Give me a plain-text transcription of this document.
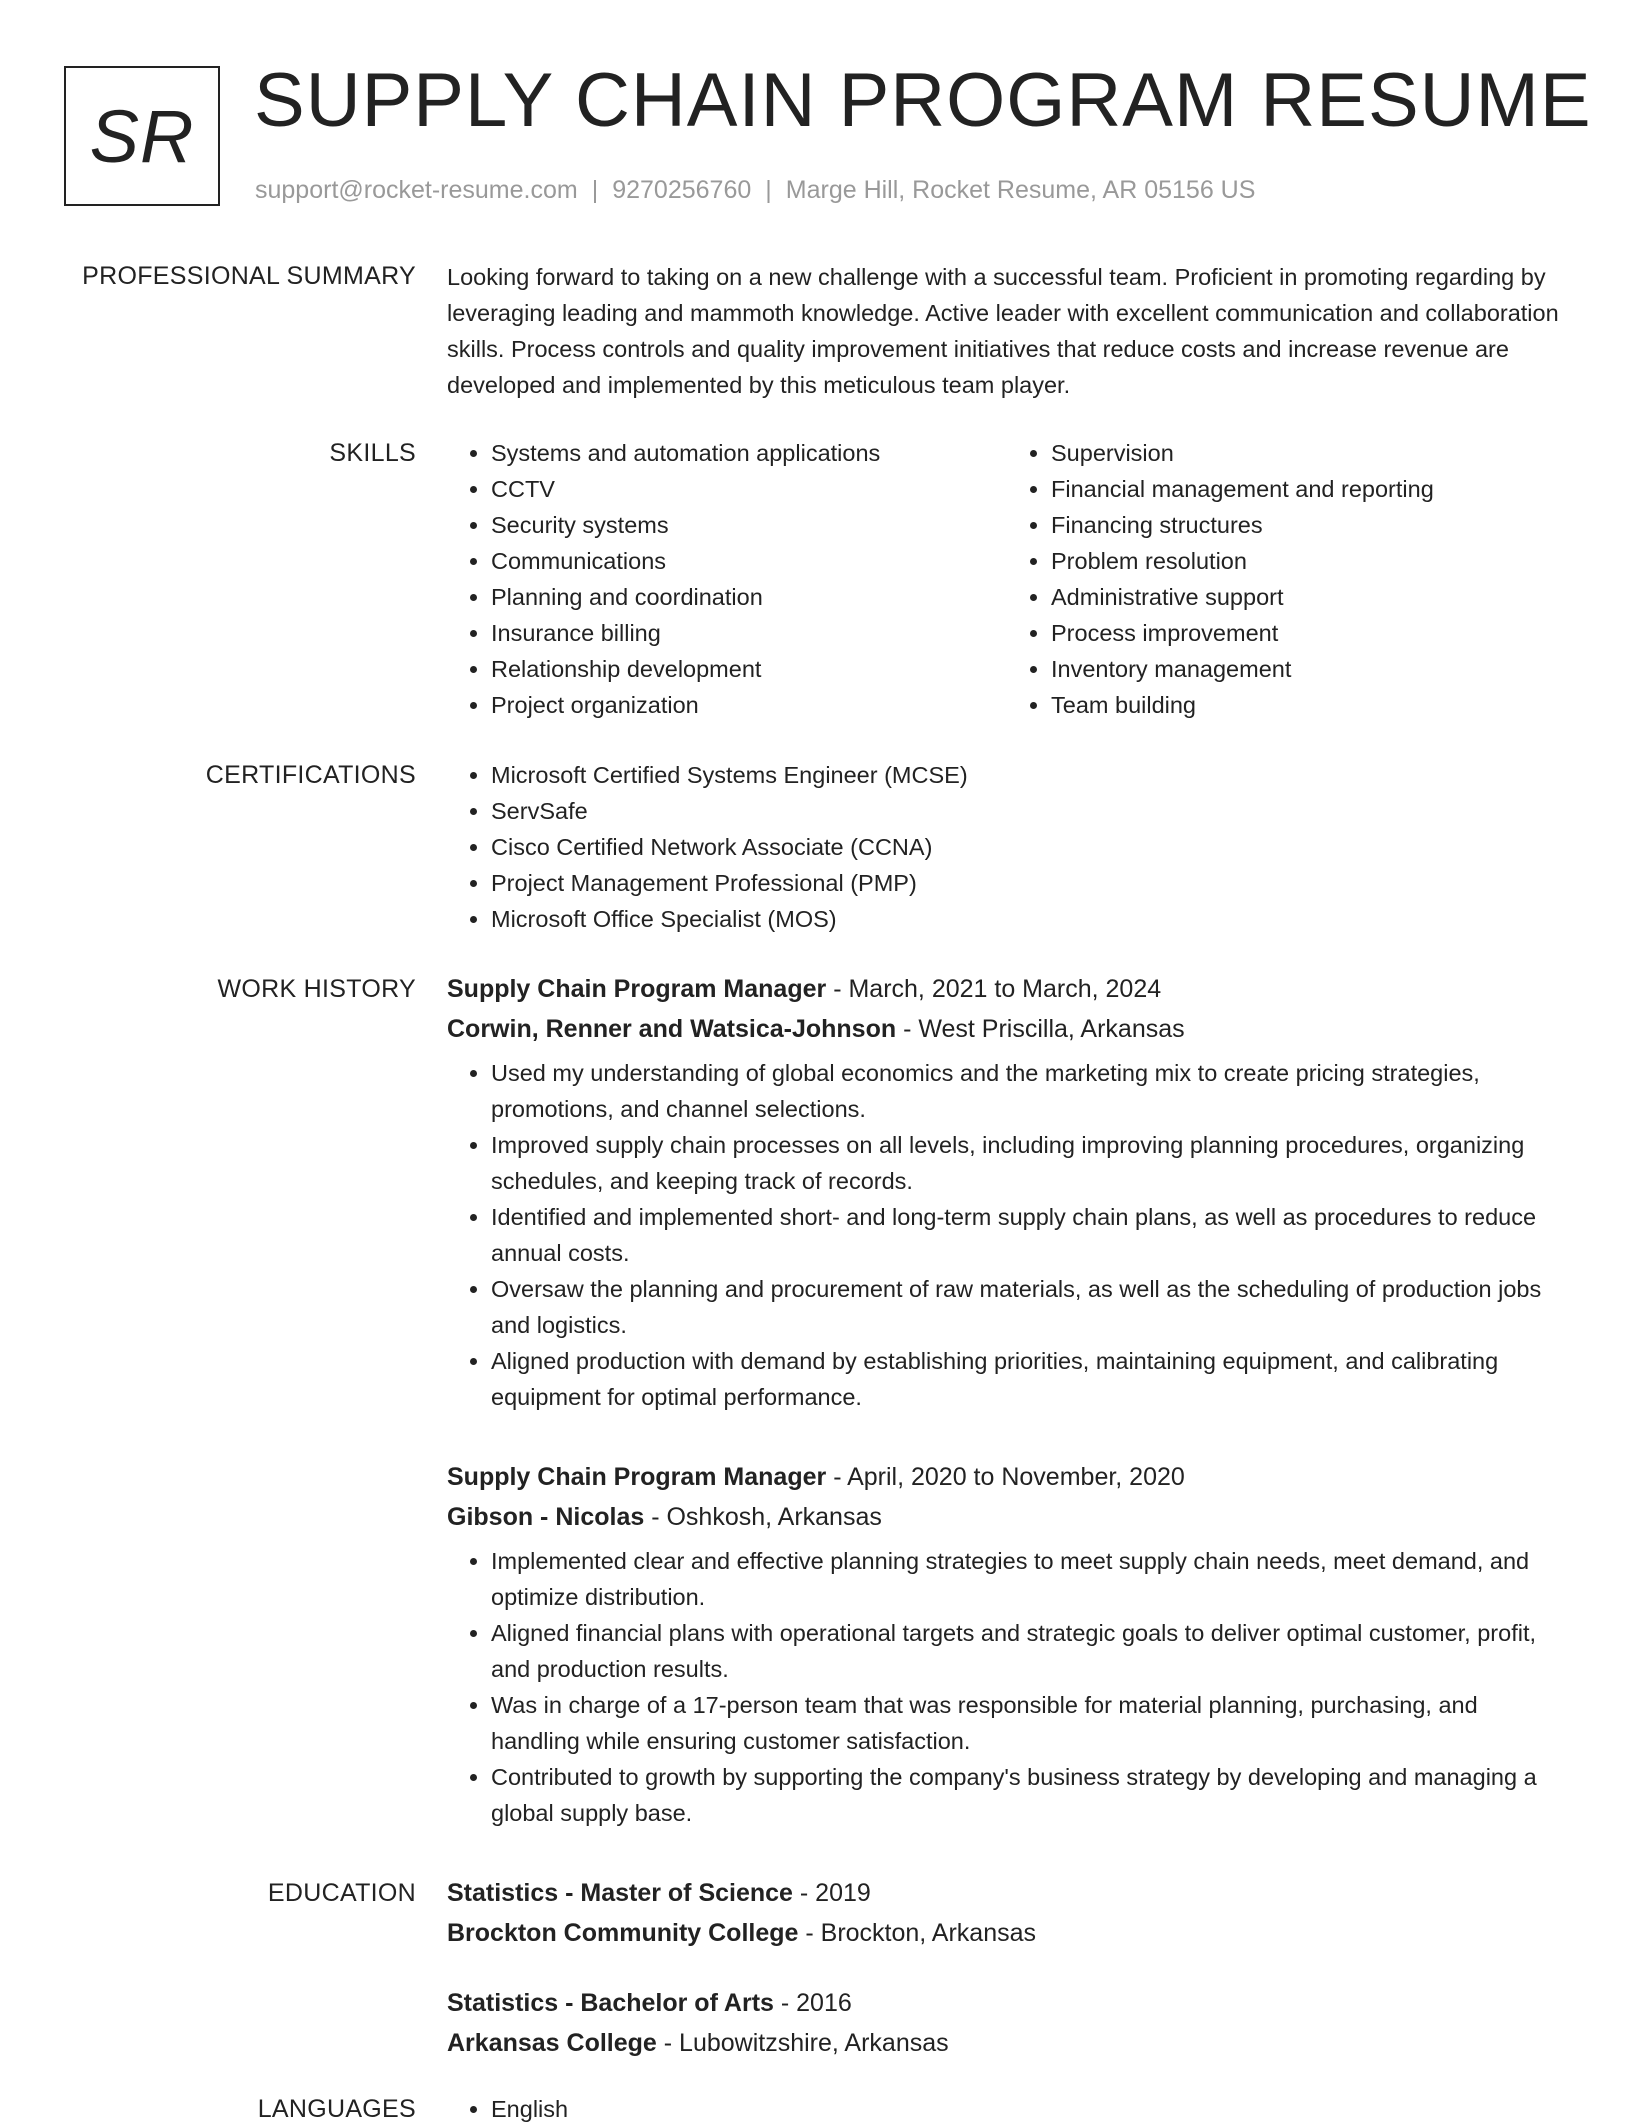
SR SUPPLY CHAIN PROGRAM RESUME
support@rocket-resume.com | 9270256760 | Marge Hill, Rocket Resume, AR 05156 US
PROFESSIONAL SUMMARY Looking forward to taking on a new challenge with a successful team. Proficient in promoting regarding by leveraging leading and mammoth knowledge. Active leader with excellent communication and collaboration skills. Process controls and quality improvement initiatives that reduce costs and increase revenue are developed and implemented by this meticulous team player.

SKILLS	• Systems and automation applications
• CCTV
• Security systems
• Communications
• Planning and coordination
• Insurance billing
• Relationship development
• Project organization
• Supervision
• Financial management and reporting
• Financing structures
• Problem resolution
• Administrative support
• Process improvement
• Inventory management
• Team building
CERTIFICATIONS	• Microsoft Certified Systems Engineer (MCSE)
• ServSafe
• Cisco Certified Network Associate (CCNA)
• Project Management Professional (PMP)
• Microsoft Office Specialist (MOS)
WORK HISTORY Supply Chain Program Manager - March, 2021 to March, 2024
Corwin, Renner and Watsica-Johnson - West Priscilla, Arkansas
• Used my understanding of global economics and the marketing mix to create pricing strategies, promotions, and channel selections.
• Improved supply chain processes on all levels, including improving planning procedures, organizing schedules, and keeping track of records.
• Identified and implemented short- and long-term supply chain plans, as well as procedures to reduce annual costs.
• Oversaw the planning and procurement of raw materials, as well as the scheduling of production jobs and logistics.
• Aligned production with demand by establishing priorities, maintaining equipment, and calibrating equipment for optimal performance.
Supply Chain Program Manager - April, 2020 to November, 2020
Gibson - Nicolas - Oshkosh, Arkansas
• Implemented clear and effective planning strategies to meet supply chain needs, meet demand, and optimize distribution.
• Aligned financial plans with operational targets and strategic goals to deliver optimal customer, profit, and production results.
• Was in charge of a 17-person team that was responsible for material planning, purchasing, and handling while ensuring customer satisfaction.
• Contributed to growth by supporting the company's business strategy by developing and managing a global supply base.
EDUCATION Statistics - Master of Science - 2019
Brockton Community College - Brockton, Arkansas
Statistics - Bachelor of Arts - 2016
Arkansas College - Lubowitzshire, Arkansas
LANGUAGES	• English
